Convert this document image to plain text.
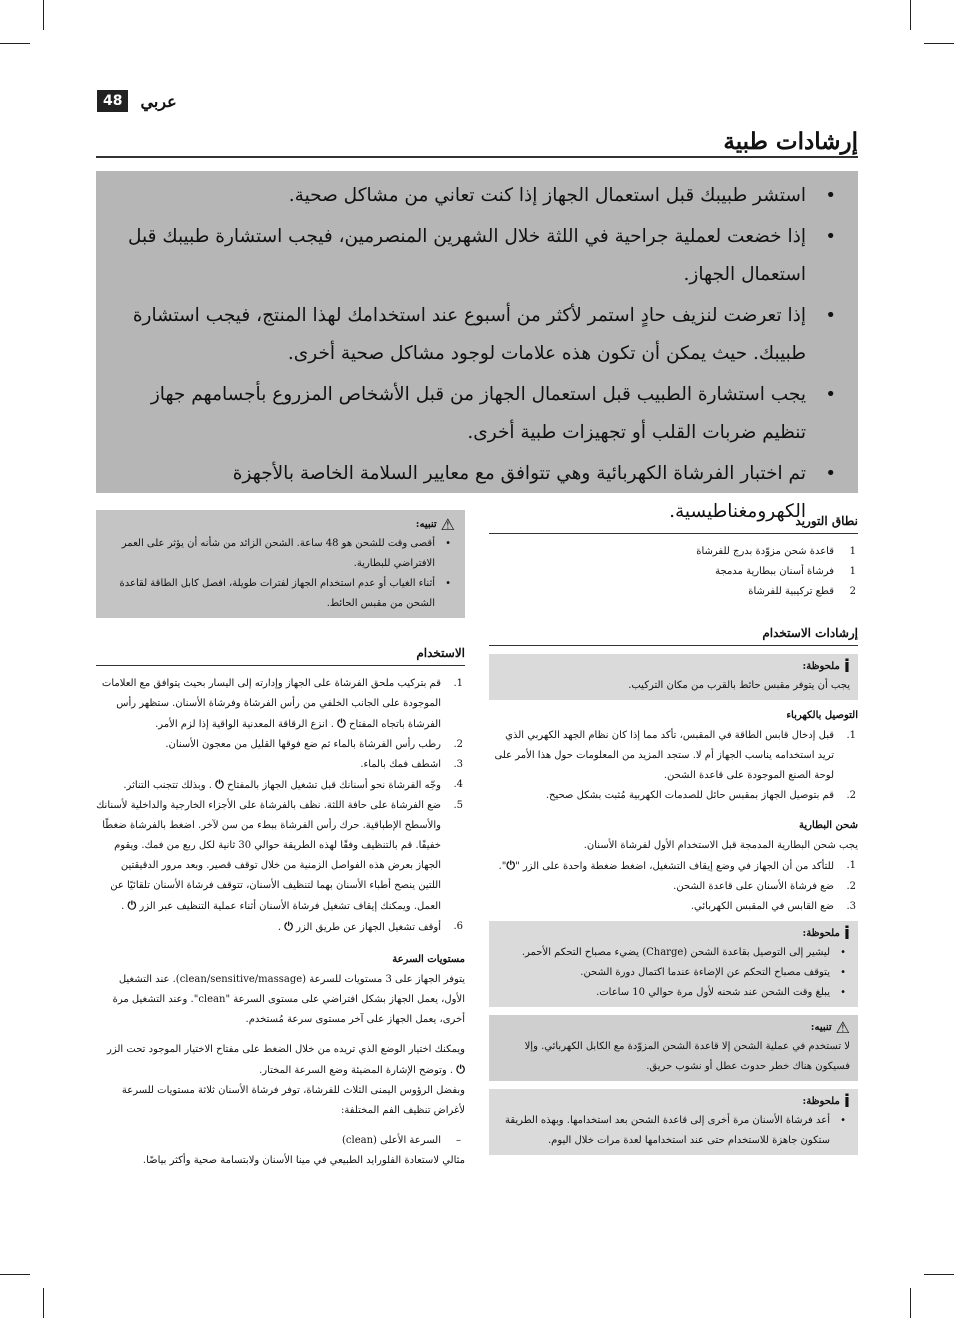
48	عربي
إرشادات طبية
•
استشر طبيبك قبل استعمال الجهاز إذا كنت تعاني من مشاكل صحية.
•
إذا خضعت لعملية جراحية في اللثة خلال الشهرين المنصرمين، فيجب استشارة طبيبك قبل استعمال الجهاز.
•
إذا تعرضت لنزيف حادٍ استمر لأكثر من أسبوع عند استخدامك لهذا المنتج، فيجب استشارة طبيبك. حيث يمكن أن تكون هذه علامات لوجود مشاكل صحية أخرى.
•
يجب استشارة الطبيب قبل استعمال الجهاز من قبل الأشخاص المزروع بأجسامهم جهاز تنظيم ضربات القلب أو تجهيزات طبية أخرى.
•
تم اختبار الفرشاة الكهربائية وهي تتوافق مع معايير السلامة الخاصة بالأجهزة الكهرومغناطيسية.
نطاق التوريد
1
قاعدة شحن مزوّدة بدرج للفرشاة
1
فرشاة أسنان ببطارية مدمجة
2
قطع تركيبية للفرشاة
إرشادات الاستخدام
i
ملحوظة:
يجب أن يتوفر مقبس حائط بالقرب من مكان التركيب.
التوصيل بالكهرباء
.1
قبل إدخال قابس الطاقة في المقبس، تأكد مما إذا كان نظام الجهد الكهربي الذي تريد استخدامه يناسب الجهاز أم لا. ستجد المزيد من المعلومات حول هذا الأمر على لوحة الصنع الموجودة على قاعدة الشحن.
.2
قم بتوصيل الجهاز بمقبس حائل للصدمات الكهربية مُثبت بشكل صحيح.
شحن البطارية
يجب شحن البطارية المدمجة قبل الاستخدام الأول لفرشاة الأسنان.
.1
للتأكد من أن الجهاز في وضع إيقاف التشغيل، اضغط ضغطة واحدة على الزر "⏻".
.2
ضع فرشاة الأسنان على قاعدة الشحن.
.3
ضع القابس في المقبس الكهربائي.
i
ملحوظة:
•
ليشير إلى التوصيل بقاعدة الشحن (Charge) يضيء مصباح التحكم الأحمر.
•
يتوقف مصباح التحكم عن الإضاءة عندما اكتمال دورة الشحن.
•
يبلغ وقت الشحن عند شحنه لأول مرة حوالي 10 ساعات.
⚠
تنبيه:
لا تستخدم في عملية الشحن إلا قاعدة الشحن المزوّدة مع الكابل الكهربائي. وإلا فسيكون هناك خطر حدوث عطل أو نشوب حريق.
i
ملحوظة:
•
أعد فرشاة الأسنان مرة أخرى إلى قاعدة الشحن بعد استخدامها. وبهذه الطريقة ستكون جاهزة للاستخدام حتى عند استخدامها لعدة مرات خلال اليوم.
⚠
تنبيه:
•
أقصى وقت للشحن هو 48 ساعة. الشحن الزائد من شأنه أن يؤثر على العمر الافتراضي للبطارية.
•
أثناء الغياب أو عدم استخدام الجهاز لفترات طويلة، افصل كابل الطاقة لقاعدة الشحن من مقبس الحائط.
الاستخدام
.1
قم بتركيب ملحق الفرشاة على الجهاز وإدارته إلى اليسار بحيث يتوافق مع العلامات الموجودة على الجانب الخلفي من رأس الفرشاة وفرشاة الأسنان. ستظهر رأس الفرشاة باتجاه المفتاح ⏻ . انزع الرقاقة المعدنية الواقية إذا لزم الأمر.
.2
رطب رأس الفرشاة بالماء ثم ضع فوقها القليل من معجون الأسنان.
.3
اشطف فمك بالماء.
.4
وجّه الفرشاة نحو أسنانك قبل تشغيل الجهاز بالمفتاح ⏻ . وبذلك تتجنب التناثر.
.5
ضع الفرشاة على حافة اللثة. نظف بالفرشاة على الأجزاء الخارجية والداخلية لأسنانك والأسطح الإطباقية. حرك رأس الفرشاة ببطء من سن لآخر. اضغط بالفرشاة ضغطًا خفيفًا. قم بالتنظيف وفقًا لهذه الطريقة حوالي 30 ثانية لكل ربع من فمك. ويقوم الجهاز بعرض هذه الفواصل الزمنية من خلال توقف قصير. وبعد مرور الدقيقتين اللتين ينصح أطباء الأسنان بهما لتنظيف الأسنان، تتوقف فرشاة الأسنان تلقائيًا عن العمل. ويمكنك إيقاف تشغيل فرشاة الأسنان أثناء عملية التنظيف عبر الزر ⏻ .
.6
أوقف تشغيل الجهاز عن طريق الزر ⏻ .
مستويات السرعة
يتوفر الجهاز على 3 مستويات للسرعة (clean/sensitive/massage). عند التشغيل الأول، يعمل الجهاز بشكل افتراضي على مستوى السرعة "clean". وعند التشغيل مرة أخرى، يعمل الجهاز على آخر مستوى سرعة مُستخدم.
ويمكنك اختيار الوضع الذي تريده من خلال الضغط على مفتاح الاختيار الموجود تحت الزر ⏻ . وتوضح الإشارة المضيئة وضع السرعة المختار.
وبفضل الرؤوس اليمنى الثلاث للفرشاة، توفر فرشاة الأسنان ثلاثة مستويات للسرعة لأغراض تنظيف الفم المختلفة:
–
السرعة الأعلى (clean)
مثالي لاستعادة الفلورايد الطبيعي في مينا الأسنان ولابتسامة صحية وأكثر بياضًا.
